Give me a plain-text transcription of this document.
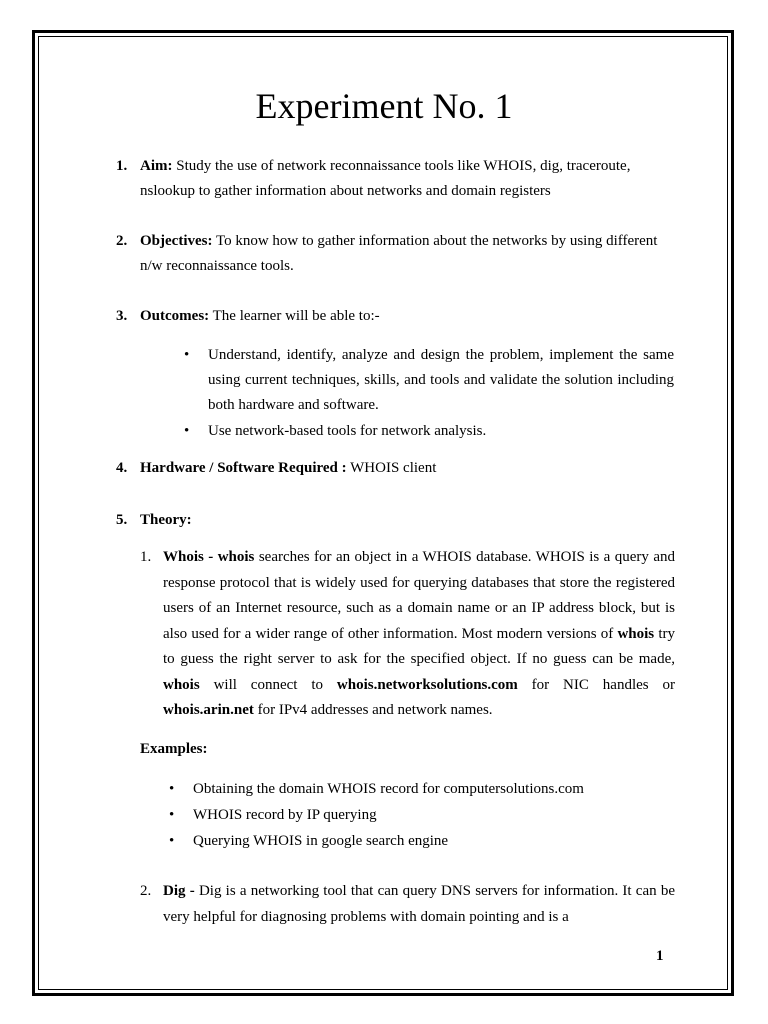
Experiment No. 1
1. Aim: Study the use of network reconnaissance tools like WHOIS, dig, traceroute, nslookup to gather information about networks and domain registers
2. Objectives: To know how to gather information about the networks by using different n/w reconnaissance tools.
3. Outcomes: The learner will be able to:-
• Understand, identify, analyze and design the problem, implement the same using current techniques, skills, and tools and validate the solution including both hardware and software.
• Use network-based tools for network analysis.
4. Hardware / Software Required : WHOIS client
5. Theory:
1. Whois - whois searches for an object in a WHOIS database. WHOIS is a query and response protocol that is widely used for querying databases that store the registered users of an Internet resource, such as a domain name or an IP address block, but is also used for a wider range of other information. Most modern versions of whois try to guess the right server to ask for the specified object. If no guess can be made, whois will connect to whois.networksolutions.com for NIC handles or whois.arin.net for IPv4 addresses and network names.
Examples:
• Obtaining the domain WHOIS record for computersolutions.com
• WHOIS record by IP querying
• Querying WHOIS in google search engine
2. Dig - Dig is a networking tool that can query DNS servers for information. It can be very helpful for diagnosing problems with domain pointing and is a
1
